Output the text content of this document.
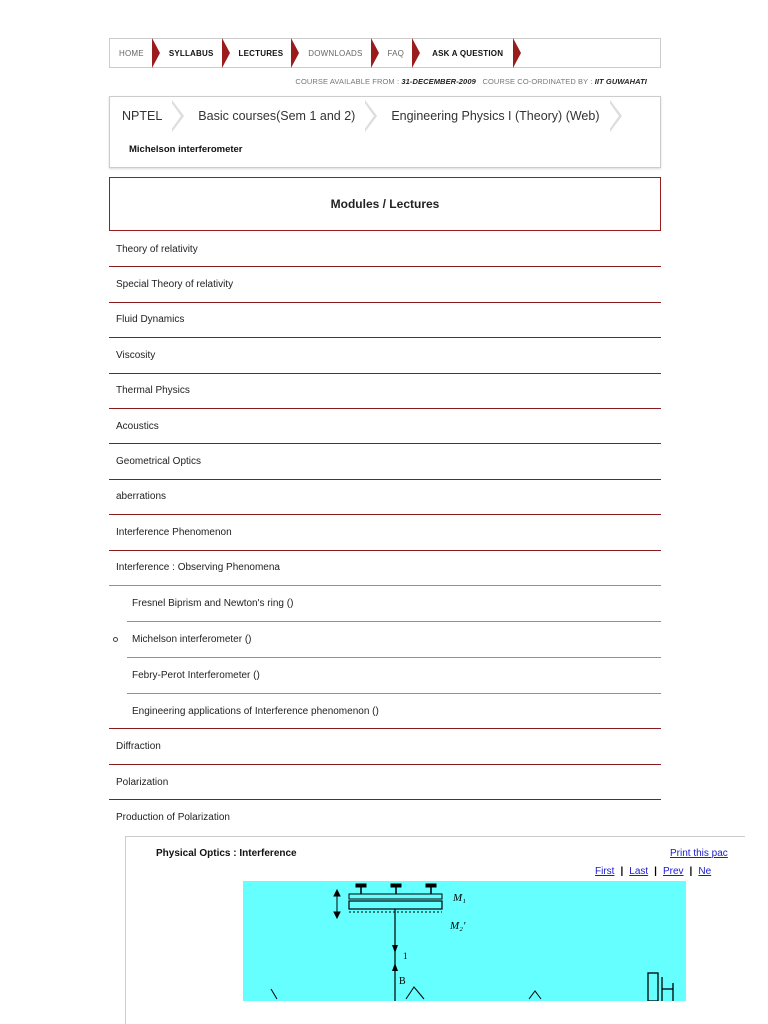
HOME	SYLLABUS	LECTURES	DOWNLOADS	FAQ	ASK A QUESTION
COURSE AVAILABLE FROM : 31-DECEMBER-2009 COURSE CO-ORDINATED BY : IIT GUWAHATI
NPTEL	Basic courses(Sem 1 and 2)	Engineering Physics I (Theory) (Web)
Michelson interferometer
Modules / Lectures
Theory of relativity
Special Theory of relativity
Fluid Dynamics
Viscosity
Thermal Physics
Acoustics
Geometrical Optics
aberrations
Interference Phenomenon
Interference : Observing Phenomena
Fresnel Biprism and Newton's ring ()
Michelson interferometer ()
Febry-Perot Interferometer ()
Engineering applications of Interference phenomenon ()
Diffraction
Polarization
Production of Polarization
Physical Optics : Interference	Print this pac
First | Last | Prev | Ne
M₁
M₂'
1
B
